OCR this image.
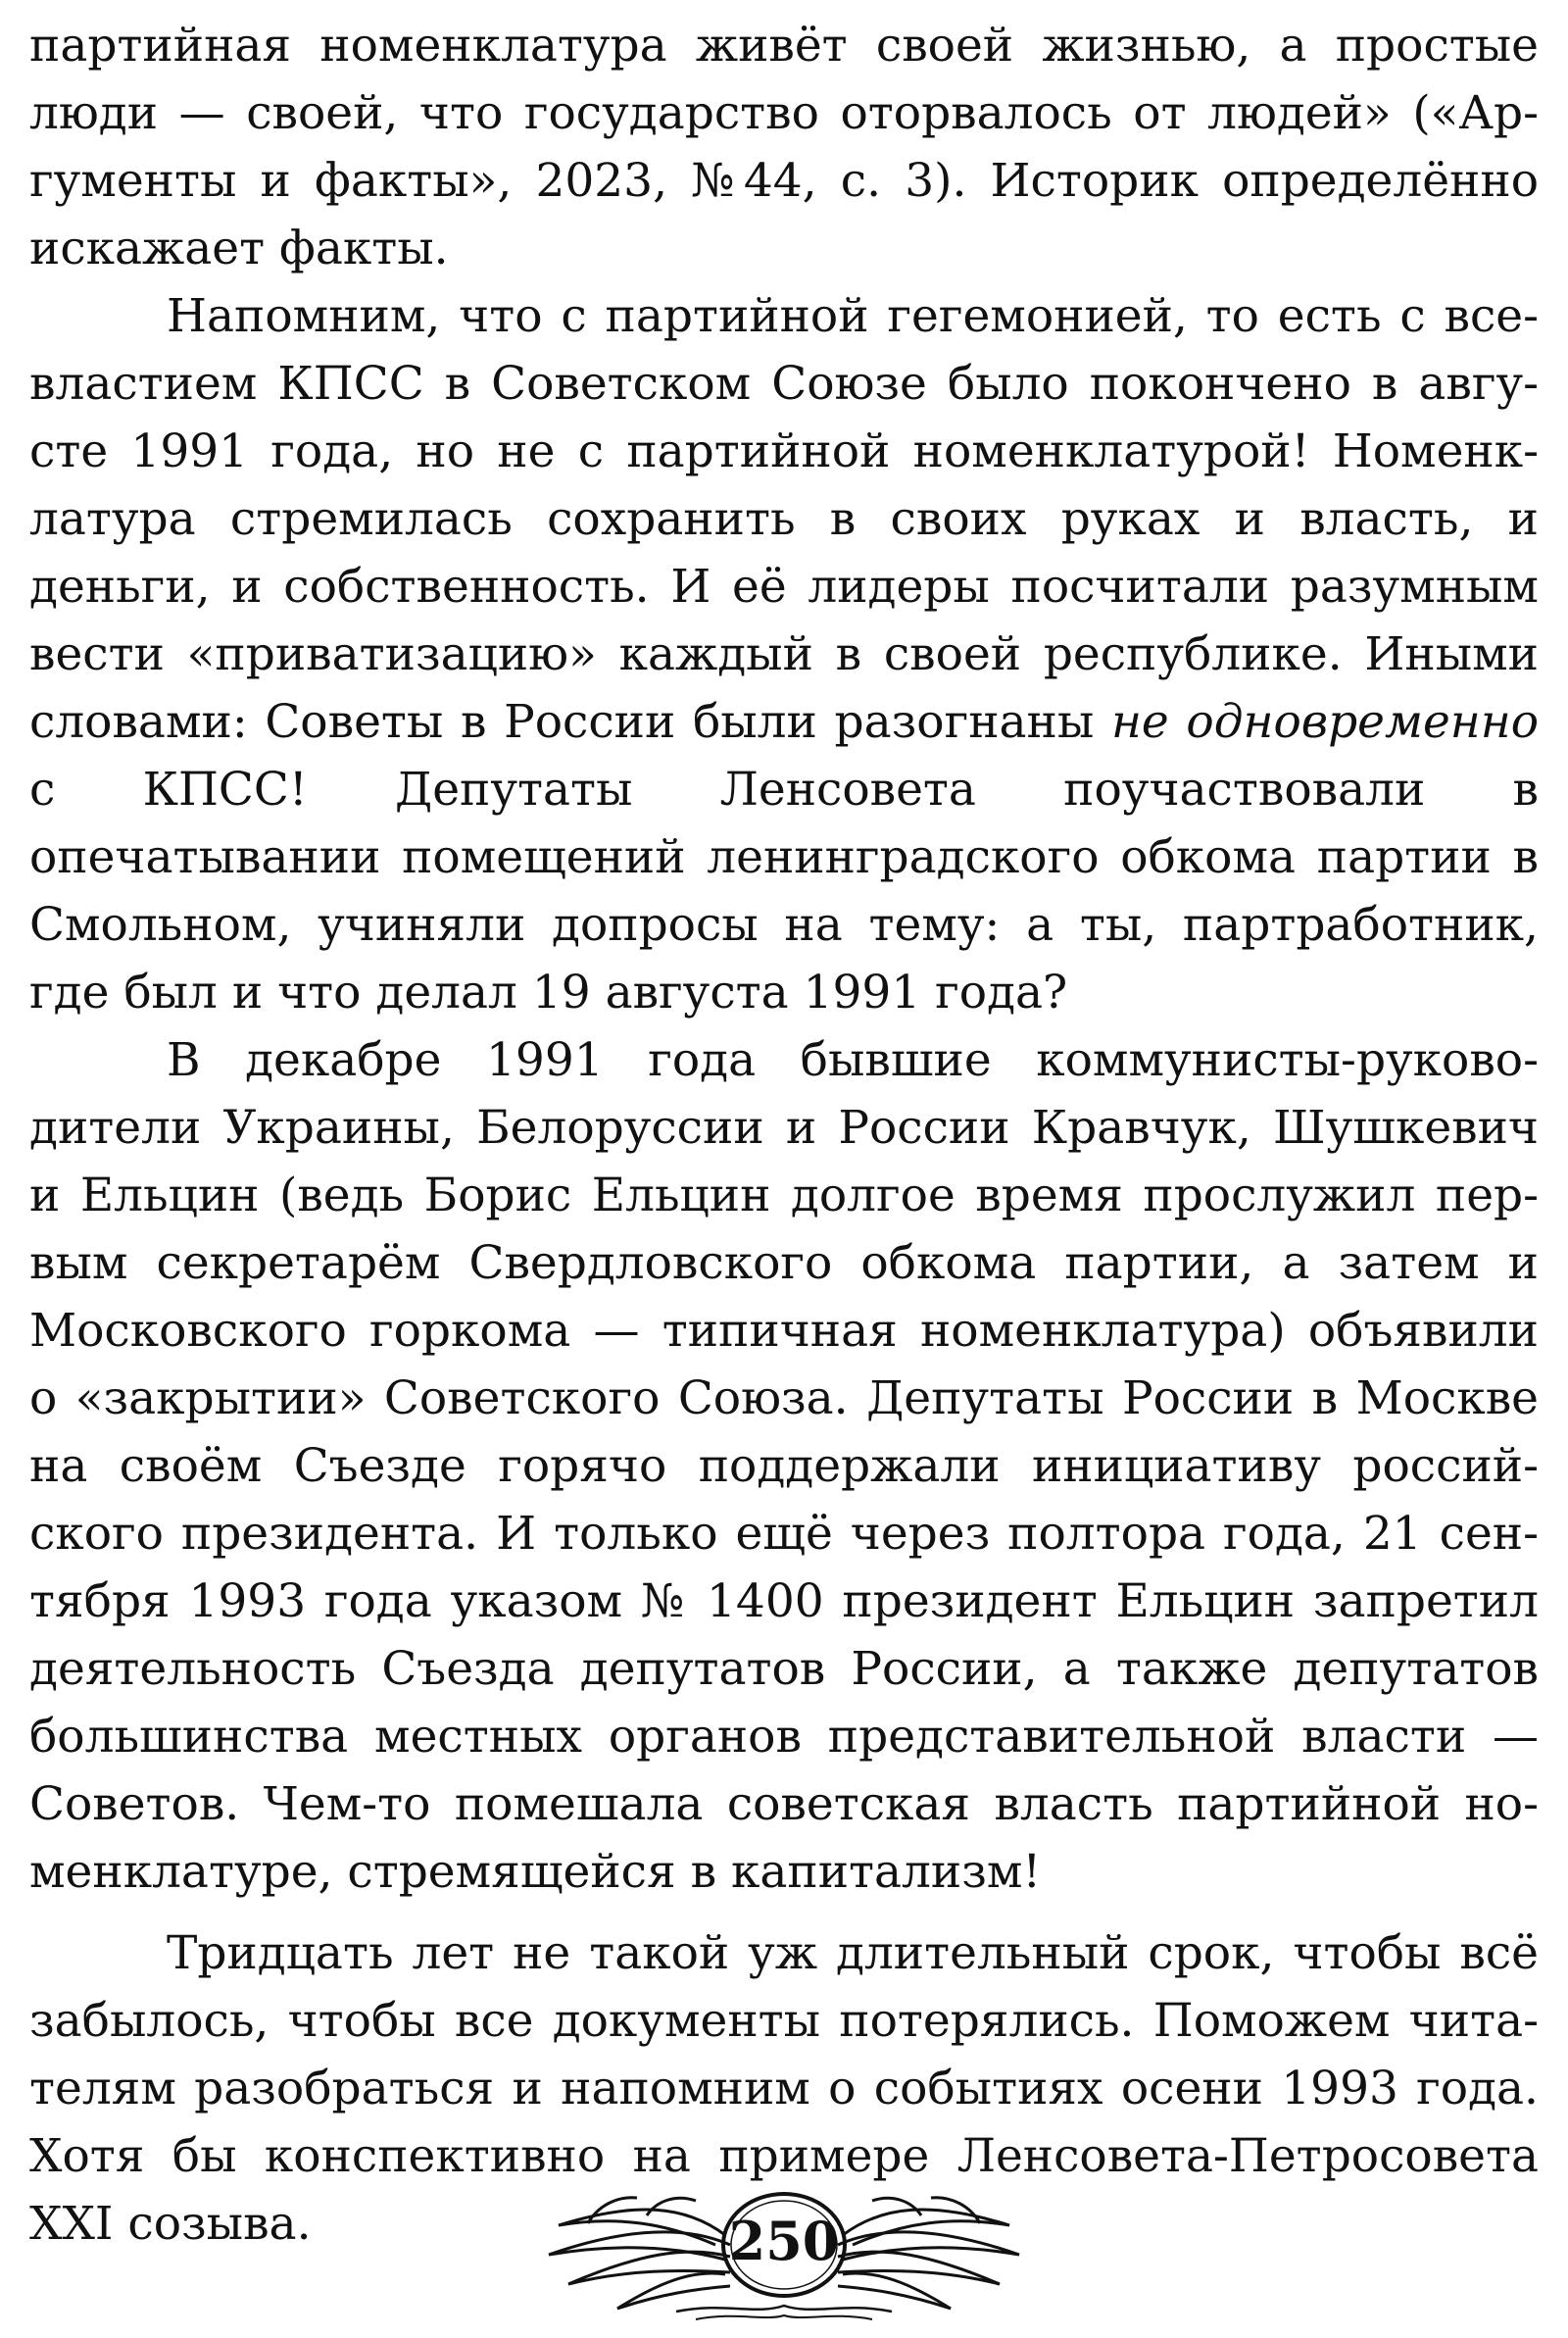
партийная номенклатура живёт своей жизнью, а простые люди — своей, что государство оторвалось от людей» («Аргументы и факты», 2023, №44, с. 3). Историк определённо искажает факты.

Напомним, что с партийной гегемонией, то есть с всевластием КПСС в Советском Союзе было покончено в августе 1991 года, но не с партийной номенклатурой! Номенклатура стремилась сохранить в своих руках и власть, и деньги, и собственность. И её лидеры посчитали разумным вести «приватизацию» каждый в своей республике. Иными словами: Советы в России были разогнаны не одновременно с КПСС! Депутаты Ленсовета поучаствовали в опечатывании помещений ленинградского обкома партии в Смольном, учиняли допросы на тему: а ты, партработник, где был и что делал 19 августа 1991 года?

В декабре 1991 года бывшие коммунисты-руководители Украины, Белоруссии и России Кравчук, Шушкевич и Ельцин (ведь Борис Ельцин долгое время прослужил первым секретарём Свердловского обкома партии, а затем и Московского горкома — типичная номенклатура) объявили о «закрытии» Советского Союза. Депутаты России в Москве на своём Съезде горячо поддержали инициативу российского президента. И только ещё через полтора года, 21 сентября 1993 года указом № 1400 президент Ельцин запретил деятельность Съезда депутатов России, а также депутатов большинства местных органов представительной власти — Советов. Чем-то помешала советская власть партийной номенклатуре, стремящейся в капитализм!

Тридцать лет не такой уж длительный срок, чтобы всё забылось, чтобы все документы потерялись. Поможем читателям разобраться и напомним о событиях осени 1993 года. Хотя бы конспективно на примере Ленсовета-Петросовета XXI созыва.	250
